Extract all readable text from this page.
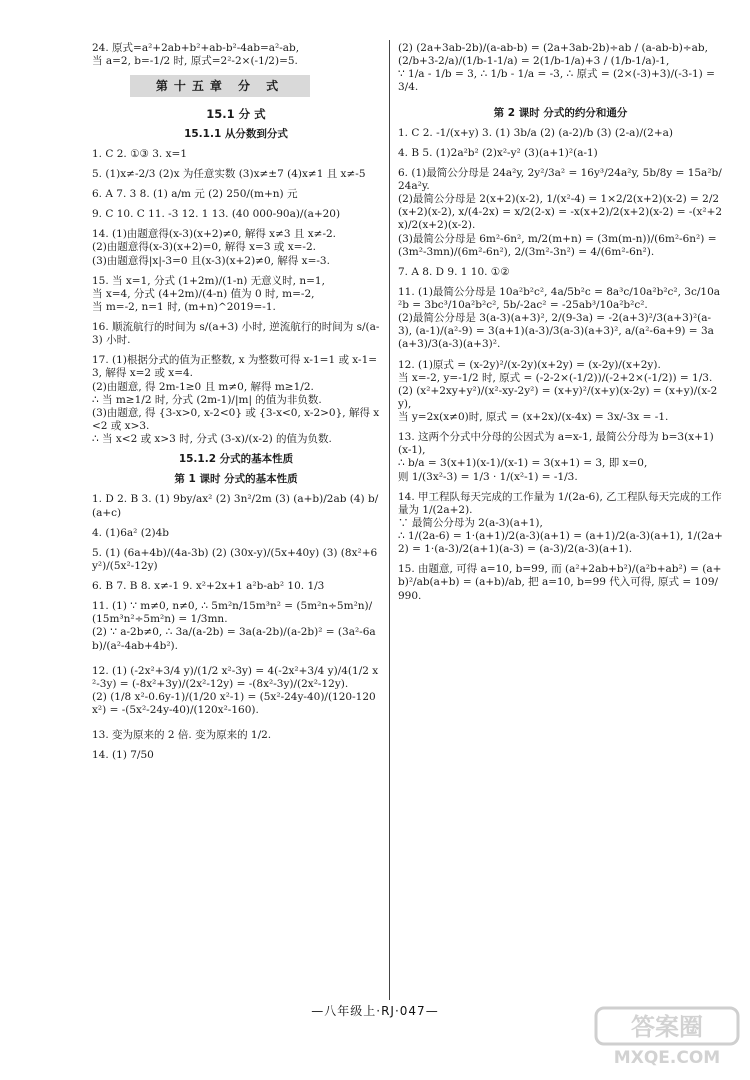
24. 原式=a²+2ab+b²+ab-b²-4ab=a²-ab,
当 a=2, b=-1/2 时, 原式=2²-2×(-1/2)=5.
第十五章 分 式
15.1 分 式
15.1.1 从分数到分式
1. C 2. ①③ 3. x=1
5. (1)x≠-2/3 (2)x 为任意实数 (3)x≠±7 (4)x≠1 且 x≠-5
6. A 7. 3 8. (1) a/m 元 (2) 250/(m+n) 元
9. C 10. C 11. -3 12. 1 13. (40 000-90a)/(a+20)
14. (1)由题意得(x-3)(x+2)≠0, 解得 x≠3 且 x≠-2.
(2)由题意得(x-3)(x+2)=0, 解得 x=3 或 x=-2.
(3)由题意得|x|-3=0 且(x-3)(x+2)≠0, 解得 x=-3.
15. 当 x=1, 分式 (1+2m)/(1-n) 无意义时, n=1,
当 x=4, 分式 (4+2m)/(4-n) 值为 0 时, m=-2,
当 m=-2, n=1 时, (m+n)^2019=-1.
16. 顺流航行的时间为 s/(a+3) 小时, 逆流航行的时间为 s/(a-3) 小时.
17. (1)根据分式的值为正整数, x 为整数可得 x-1=1 或 x-1=3, 解得 x=2 或 x=4.
(2)由题意, 得 2m-1≥0 且 m≠0, 解得 m≥1/2.
∴ 当 m≥1/2 时, 分式 (2m-1)/|m| 的值为非负数.
(3)由题意, 得 {3-x>0, x-2<0} 或 {3-x<0, x-2>0}, 解得 x<2 或 x>3.
∴ 当 x<2 或 x>3 时, 分式 (3-x)/(x-2) 的值为负数.
15.1.2 分式的基本性质
第 1 课时 分式的基本性质
1. D 2. B 3. (1) 9by/ax² (2) 3n²/2m (3) (a+b)/2ab (4) b/(a+c)
4. (1)6a² (2)4b
5. (1) (6a+4b)/(4a-3b) (2) (30x-y)/(5x+40y) (3) (8x²+6y²)/(5x²-12y)
6. B 7. B 8. x≠-1 9. x²+2x+1 a²b-ab² 10. 1/3
11. (1) ∵ m≠0, n≠0, ∴ 5m²n/15m³n² = (5m²n÷5m²n)/(15m³n²÷5m²n) = 1/3mn.
(2) ∵ a-2b≠0, ∴ 3a/(a-2b) = 3a(a-2b)/(a-2b)² = (3a²-6ab)/(a²-4ab+4b²).
12. (1) (-2x²+3/4 y)/(1/2 x²-3y) = 4(-2x²+3/4 y)/4(1/2 x²-3y) = (-8x²+3y)/(2x²-12y) = -(8x²-3y)/(2x²-12y).
(2) (1/8 x²-0.6y-1)/(1/20 x²-1) = (5x²-24y-40)/(120-120x²) = -(5x²-24y-40)/(120x²-160).
13. 变为原来的 2 倍. 变为原来的 1/2.
14. (1) 7/50
(2) (2a+3ab-2b)/(a-ab-b) = (2a+3ab-2b)÷ab / (a-ab-b)÷ab,
(2/b+3-2/a)/(1/b-1-1/a) = 2(1/b-1/a)+3 / (1/b-1/a)-1,
∵ 1/a - 1/b = 3, ∴ 1/b - 1/a = -3, ∴ 原式 = (2×(-3)+3)/(-3-1) = 3/4.
第 2 课时 分式的约分和通分
1. C 2. -1/(x+y) 3. (1) 3b/a (2) (a-2)/b (3) (2-a)/(2+a)
4. B 5. (1)2a²b² (2)x²-y² (3)(a+1)²(a-1)
6. (1)最简公分母是 24a²y, 2y²/3a² = 16y³/24a²y, 5b/8y = 15a²b/24a²y.
(2)最简公分母是 2(x+2)(x-2), 1/(x²-4) = 1×2/2(x+2)(x-2) = 2/2(x+2)(x-2), x/(4-2x) = x/2(2-x) = -x(x+2)/2(x+2)(x-2) = -(x²+2x)/2(x+2)(x-2).
(3)最简公分母是 6m²-6n², m/2(m+n) = (3m(m-n))/(6m²-6n²) = (3m²-3mn)/(6m²-6n²), 2/(3m²-3n²) = 4/(6m²-6n²).
7. A 8. D 9. 1 10. ①②
11. (1)最简公分母是 10a²b²c², 4a/5b²c = 8a³c/10a²b²c², 3c/10a²b = 3bc³/10a²b²c², 5b/-2ac² = -25ab³/10a²b²c².
(2)最简公分母是 3(a-3)(a+3)², 2/(9-3a) = -2(a+3)²/3(a+3)²(a-3), (a-1)/(a²-9) = 3(a+1)(a-3)/3(a-3)(a+3)², a/(a²-6a+9) = 3a(a+3)/3(a-3)(a+3)².
12. (1)原式 = (x-2y)²/(x-2y)(x+2y) = (x-2y)/(x+2y).
当 x=-2, y=-1/2 时, 原式 = (-2-2×(-1/2))/(-2+2×(-1/2)) = 1/3.
(2) (x²+2xy+y²)/(x²-xy-2y²) = (x+y)²/(x+y)(x-2y) = (x+y)/(x-2y),
当 y=2x(x≠0)时, 原式 = (x+2x)/(x-4x) = 3x/-3x = -1.
13. 这两个分式中分母的公因式为 a=x-1, 最简公分母为 b=3(x+1)(x-1),
∴ b/a = 3(x+1)(x-1)/(x-1) = 3(x+1) = 3, 即 x=0,
则 1/(3x²-3) = 1/3 · 1/(x²-1) = -1/3.
14. 甲工程队每天完成的工作量为 1/(2a-6), 乙工程队每天完成的工作量为 1/(2a+2).
∵ 最简公分母为 2(a-3)(a+1),
∴ 1/(2a-6) = 1·(a+1)/2(a-3)(a+1) = (a+1)/2(a-3)(a+1), 1/(2a+2) = 1·(a-3)/2(a+1)(a-3) = (a-3)/2(a-3)(a+1).
15. 由题意, 可得 a=10, b=99, 而 (a²+2ab+b²)/(a²b+ab²) = (a+b)²/ab(a+b) = (a+b)/ab, 把 a=10, b=99 代入可得, 原式 = 109/990.
—八年级上·RJ·047—
答案圈
MXQE.COM
